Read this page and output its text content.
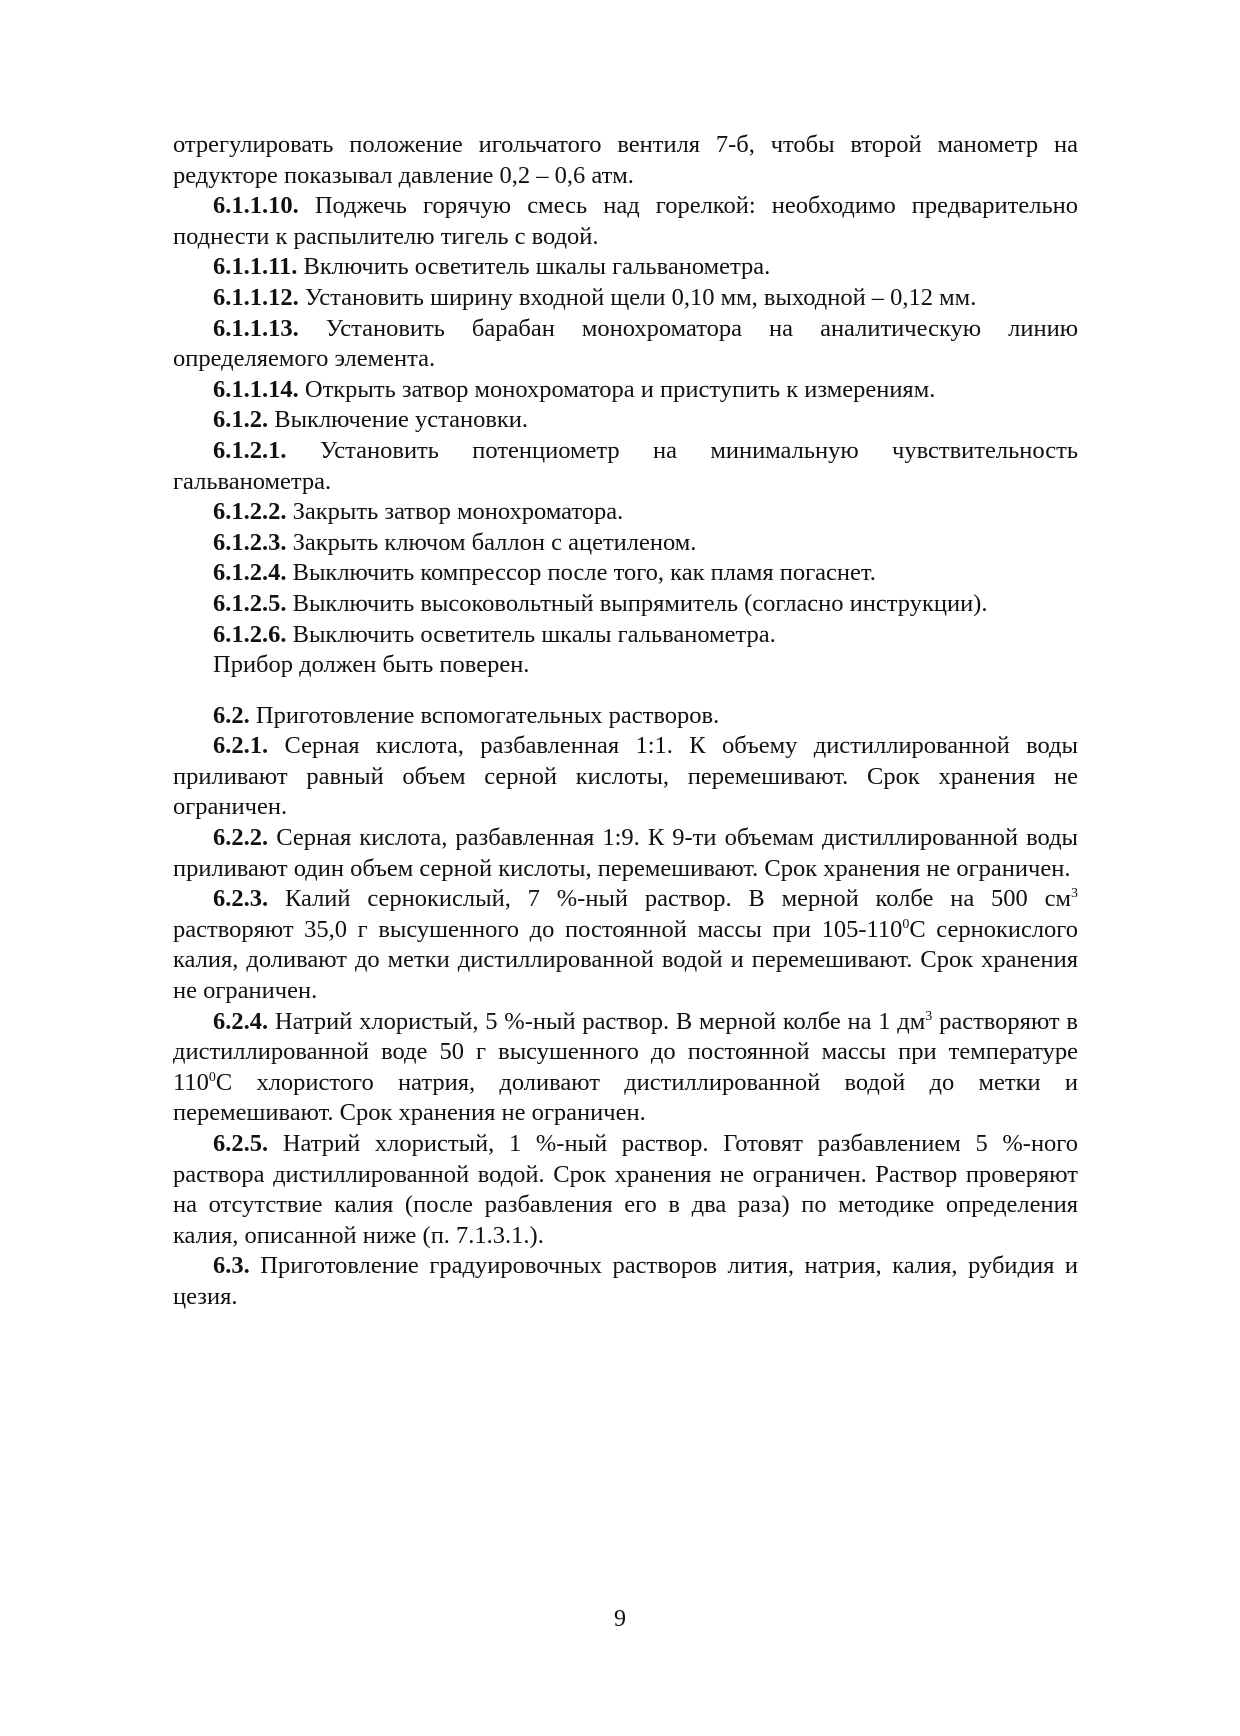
отрегулировать положение игольчатого вентиля 7-б, чтобы второй манометр на редукторе показывал давление 0,2 – 0,6 атм.

6.1.1.10. Поджечь горячую смесь над горелкой: необходимо предварительно поднести к распылителю тигель с водой.

6.1.1.11. Включить осветитель шкалы гальванометра.

6.1.1.12. Установить ширину входной щели 0,10 мм, выходной – 0,12 мм.

6.1.1.13. Установить барабан монохроматора на аналитическую линию определяемого элемента.

6.1.1.14. Открыть затвор монохроматора и приступить к измерениям.

6.1.2. Выключение установки.

6.1.2.1. Установить потенциометр на минимальную чувствительность гальванометра.

6.1.2.2. Закрыть затвор монохроматора.

6.1.2.3. Закрыть ключом баллон с ацетиленом.

6.1.2.4. Выключить компрессор после того, как пламя погаснет.

6.1.2.5. Выключить высоковольтный выпрямитель (согласно инструкции).

6.1.2.6. Выключить осветитель шкалы гальванометра.

Прибор должен быть поверен.

6.2. Приготовление вспомогательных растворов.

6.2.1. Серная кислота, разбавленная 1:1. К объему дистиллированной воды приливают равный объем серной кислоты, перемешивают. Срок хранения не ограничен.

6.2.2. Серная кислота, разбавленная 1:9. К 9-ти объемам дистиллированной воды приливают один объем серной кислоты, перемешивают. Срок хранения не ограничен.

6.2.3. Калий сернокислый, 7 %-ный раствор. В мерной колбе на 500 $см^3$ растворяют 35,0 г высушенного до постоянной массы при $105-110^0С$ сернокислого калия, доливают до метки дистиллированной водой и перемешивают. Срок хранения не ограничен.

6.2.4. Натрий хлористый, 5 %-ный раствор. В мерной колбе на 1 $дм^3$ растворяют в дистиллированной воде 50 г высушенного до постоянной массы при температуре $110^0С$ хлористого натрия, доливают дистиллированной водой до метки и перемешивают. Срок хранения не ограничен.

6.2.5. Натрий хлористый, 1 %-ный раствор. Готовят разбавлением 5 %-ного раствора дистиллированной водой. Срок хранения не ограничен. Раствор проверяют на отсутствие калия (после разбавления его в два раза) по методике определения калия, описанной ниже (п. 7.1.3.1.).

6.3. Приготовление градуировочных растворов лития, натрия, калия, рубидия и цезия.

9
